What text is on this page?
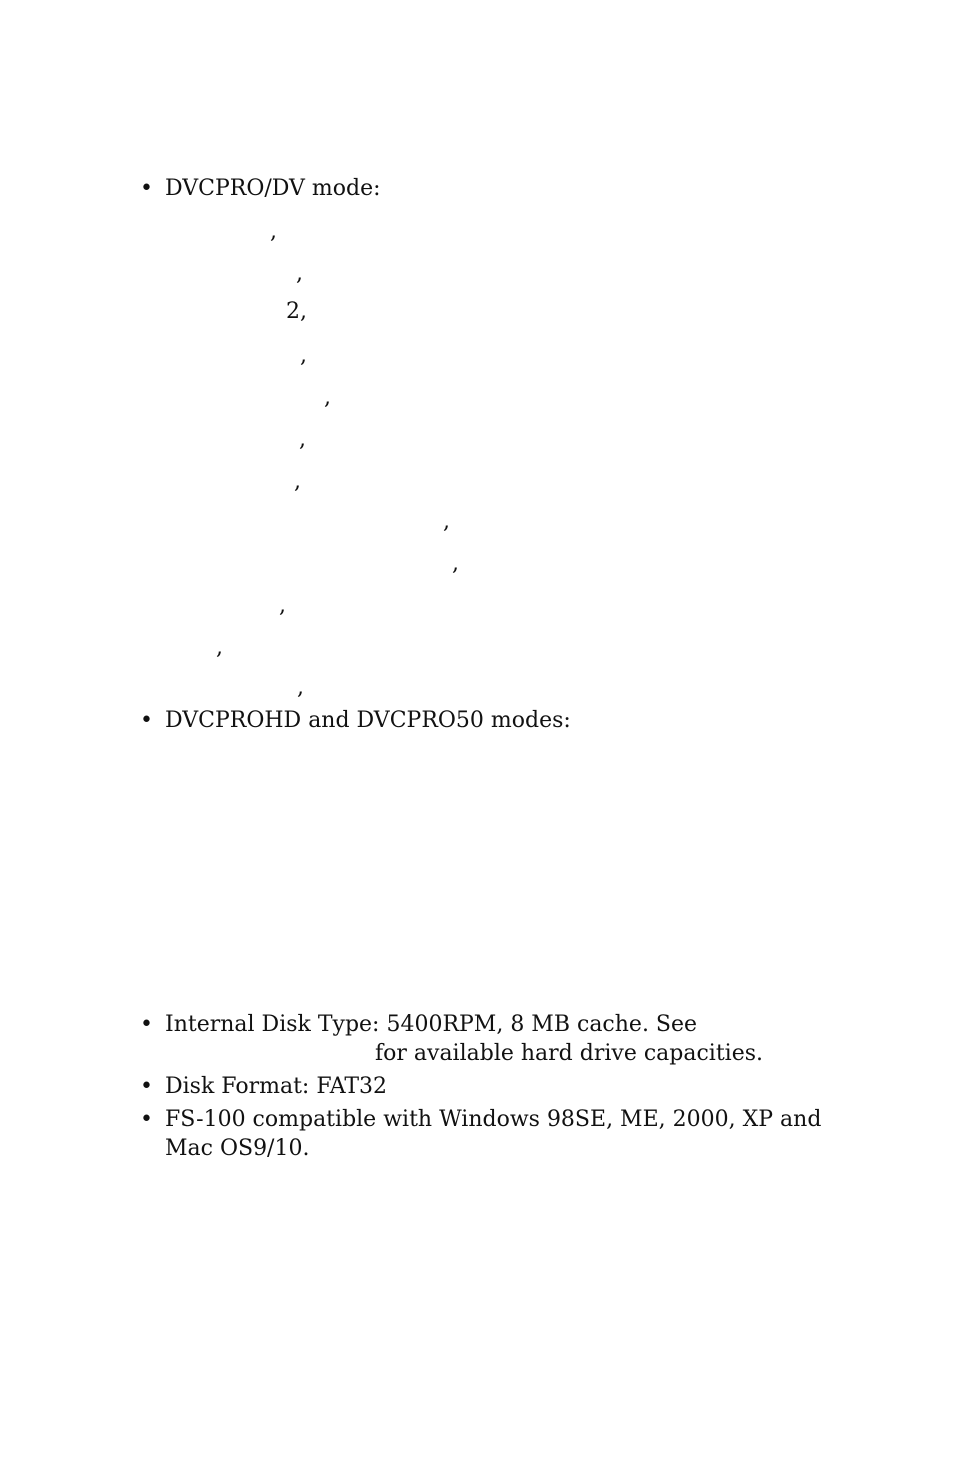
• DVCPRO/DV mode:
,
,
2,
,
,
,
,
,
,
,
,
,
• DVCPROHD and DVCPRO50 modes:
• Internal Disk Type: 5400RPM, 8 MB cache. See
for available hard drive capacities.
• Disk Format: FAT32
• FS-100 compatible with Windows 98SE, ME, 2000, XP and
Mac OS9/10.
